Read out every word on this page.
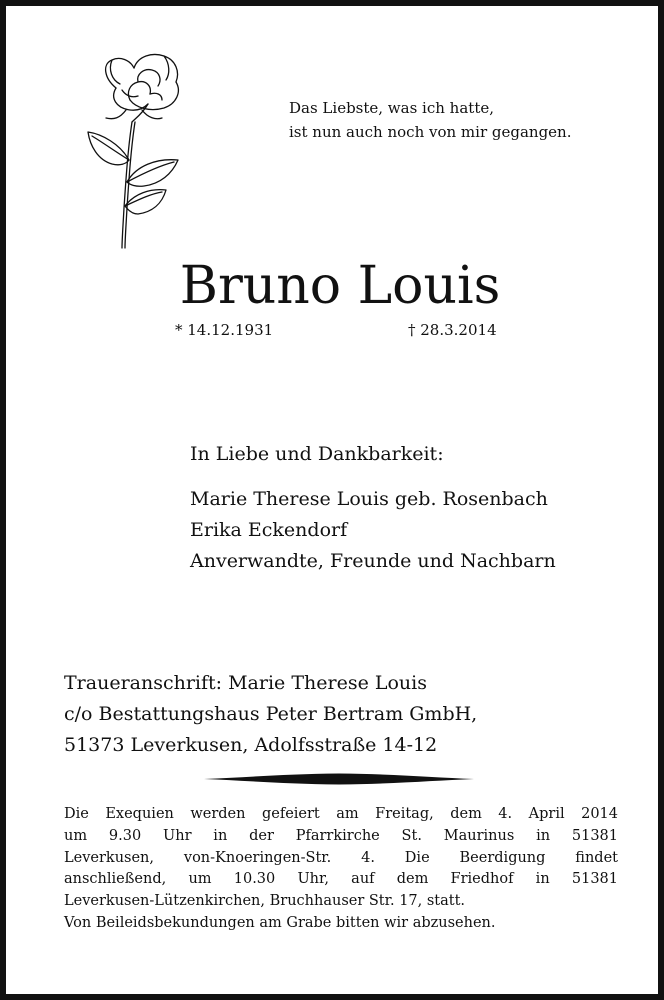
Das Liebste, was ich hatte,
ist nun auch noch von mir gegangen.
Bruno Louis
* 14.12.1931	† 28.3.2014
In Liebe und Dankbarkeit:
Marie Therese Louis geb. Rosenbach
Erika Eckendorf
Anverwandte, Freunde und Nachbarn
Traueranschrift: Marie Therese Louis
c/o Bestattungshaus Peter Bertram GmbH,
51373 Leverkusen, Adolfsstraße 14-12
Die Exequien werden gefeiert am Freitag, dem 4. April 2014
um 9.30 Uhr in der Pfarrkirche St. Maurinus in 51381
Leverkusen, von-Knoeringen-Str. 4. Die Beerdigung findet
anschließend, um 10.30 Uhr, auf dem Friedhof in 51381
Leverkusen-Lützenkirchen, Bruchhauser Str. 17, statt.
Von Beileidsbekundungen am Grabe bitten wir abzusehen.
